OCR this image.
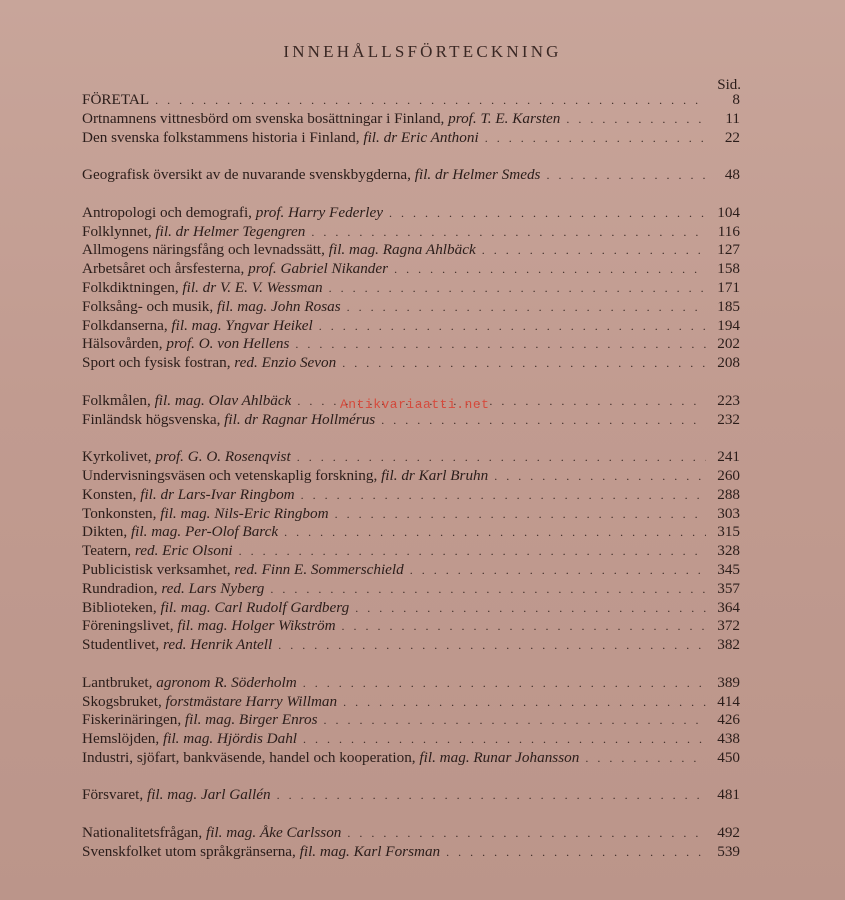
INNEHÅLLSFÖRTECKNING
Sid.
FÖRETAL . . .	8
Ortnamnens vittnesbörd om svenska bosättningar i Finland, prof. T. E. Karsten . . .	11
Den svenska folkstammens historia i Finland, fil. dr Eric Anthoni . . .	22
Geografisk översikt av de nuvarande svenskbygderna, fil. dr Helmer Smeds . . .	48
Antropologi och demografi, prof. Harry Federley . . .	104
Folklynnet, fil. dr Helmer Tegengren . . .	116
Allmogens näringsfång och levnadssätt, fil. mag. Ragna Ahlbäck . . .	127
Arbetsåret och årsfesterna, prof. Gabriel Nikander . . .	158
Folkdiktningen, fil. dr V. E. V. Wessman . . .	171
Folksång- och musik, fil. mag. John Rosas . . .	185
Folkdanserna, fil. mag. Yngvar Heikel . . .	194
Hälsovården, prof. O. von Hellens . . .	202
Sport och fysisk fostran, red. Enzio Sevon . . .	208
Folkmålen, fil. mag. Olav Ahlbäck . . .	223
Finländsk högsvenska, fil. dr Ragnar Hollmérus . . .	232
Kyrkolivet, prof. G. O. Rosenqvist . . .	241
Undervisningsväsen och vetenskaplig forskning, fil. dr Karl Bruhn . . .	260
Konsten, fil. dr Lars-Ivar Ringbom . . .	288
Tonkonsten, fil. mag. Nils-Eric Ringbom . . .	303
Dikten, fil. mag. Per-Olof Barck . . .	315
Teatern, red. Eric Olsoni . . .	328
Publicistisk verksamhet, red. Finn E. Sommerschield . . .	345
Rundradion, red. Lars Nyberg . . .	357
Biblioteken, fil. mag. Carl Rudolf Gardberg . . .	364
Föreningslivet, fil. mag. Holger Wikström . . .	372
Studentlivet, red. Henrik Antell . . .	382
Lantbruket, agronom R. Söderholm . . .	389
Skogsbruket, forstmästare Harry Willman . . .	414
Fiskerinäringen, fil. mag. Birger Enros . . .	426
Hemslöjden, fil. mag. Hjördis Dahl . . .	438
Industri, sjöfart, bankväsende, handel och kooperation, fil. mag. Runar Johansson . . .	450
Försvaret, fil. mag. Jarl Gallén . . .	481
Nationalitetsfrågan, fil. mag. Åke Carlsson . . .	492
Svenskfolket utom språkgränserna, fil. mag. Karl Forsman . . .	539
Antikvariaatti.net
